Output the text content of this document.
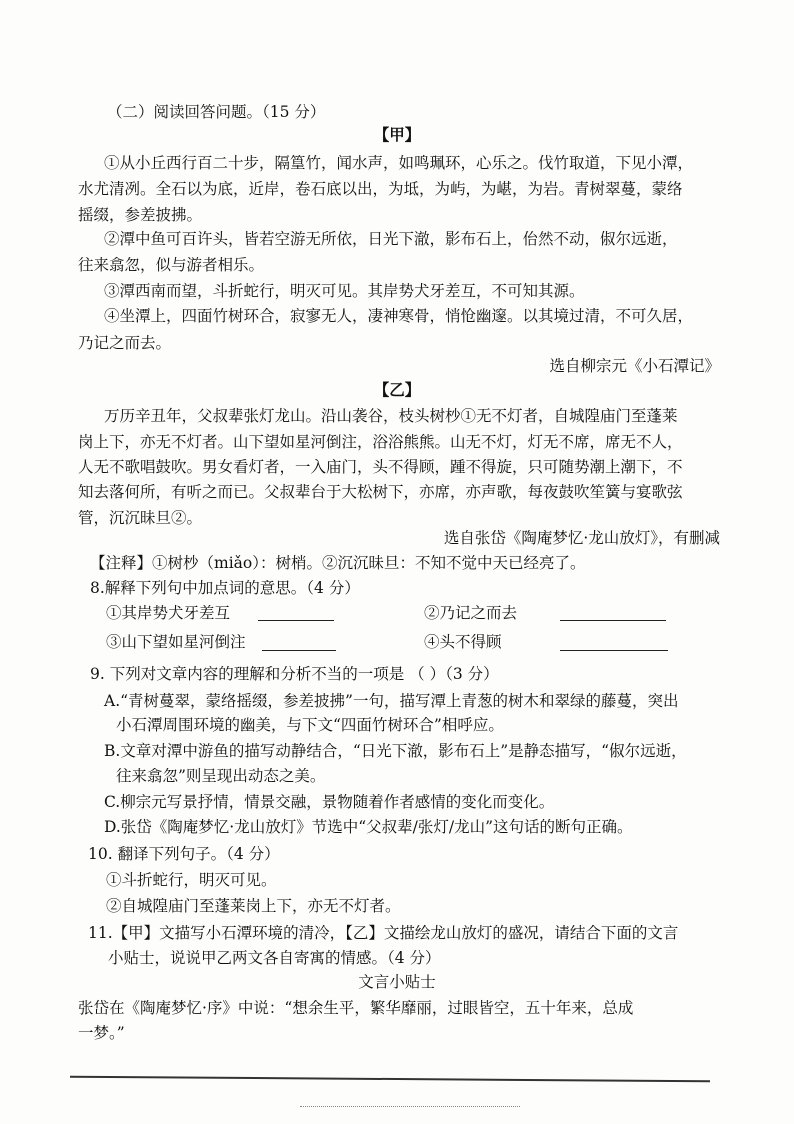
（二）阅读回答问题。（15 分）
【甲】
①从小丘西行百二十步，隔篁竹，闻水声，如鸣珮环，心乐之。伐竹取道，下见小潭，
水尤清冽。全石以为底，近岸，卷石底以出，为坻，为屿，为嵁，为岩。青树翠蔓，蒙络
摇缀，参差披拂。
②潭中鱼可百许头，皆若空游无所依，日光下澈，影布石上，佁然不动，俶尔远逝，
往来翕忽，似与游者相乐。
③潭西南而望，斗折蛇行，明灭可见。其岸势犬牙差互，不可知其源。
④坐潭上，四面竹树环合，寂寥无人，凄神寒骨，悄怆幽邃。以其境过清，不可久居，
乃记之而去。
选自柳宗元《小石潭记》
【乙】
万历辛丑年，父叔辈张灯龙山。沿山袭谷，枝头树杪①无不灯者，自城隍庙门至蓬莱
岗上下，亦无不灯者。山下望如星河倒注，浴浴熊熊。山无不灯，灯无不席，席无不人，
人无不歌唱鼓吹。男女看灯者，一入庙门，头不得顾，踵不得旋，只可随势潮上潮下，不
知去落何所，有听之而已。父叔辈台于大松树下，亦席，亦声歌，每夜鼓吹笙簧与宴歌弦
管，沉沉昧旦②。
选自张岱《陶庵梦忆·龙山放灯》，有删减
【注释】①树杪（miǎo）：树梢。②沉沉昧旦：不知不觉中天已经亮了。
8.解释下列句中加点词的意思。（4 分）
①其岸势犬牙差互	②乃记之而去
③山下望如星河倒注	④头不得顾
9. 下列对文章内容的理解和分析不当的一项是 （ ）（3 分）
A.“青树蔓翠，蒙络摇缀，参差披拂”一句，描写潭上青葱的树木和翠绿的藤蔓，突出
小石潭周围环境的幽美，与下文“四面竹树环合”相呼应。
B.文章对潭中游鱼的描写动静结合，“日光下澈，影布石上”是静态描写，“俶尔远逝，
往来翕忽”则呈现出动态之美。
C.柳宗元写景抒情，情景交融，景物随着作者感情的变化而变化。
D.张岱《陶庵梦忆·龙山放灯》节选中“父叔辈/张灯/龙山”这句话的断句正确。
10. 翻译下列句子。（4 分）
①斗折蛇行，明灭可见。
②自城隍庙门至蓬莱岗上下，亦无不灯者。
11.【甲】文描写小石潭环境的清冷，【乙】文描绘龙山放灯的盛况，请结合下面的文言
小贴士，说说甲乙两文各自寄寓的情感。（4 分）
文言小贴士
张岱在《陶庵梦忆·序》中说：“想余生平，繁华靡丽，过眼皆空，五十年来，总成
一梦。”
